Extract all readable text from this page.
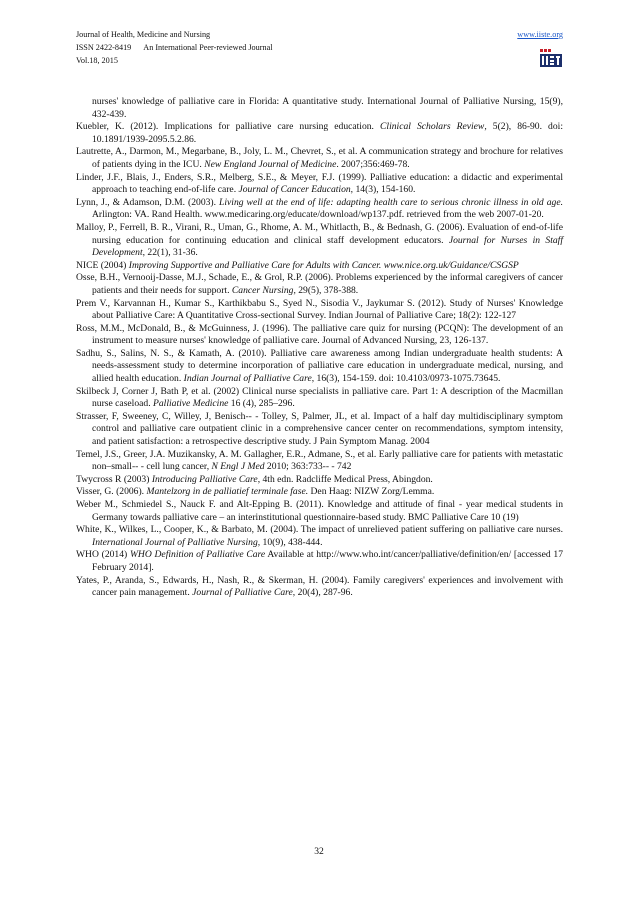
Journal of Health, Medicine and Nursing	www.iiste.org
ISSN 2422-8419 An International Peer-reviewed Journal
Vol.18, 2015

nurses' knowledge of palliative care in Florida: A quantitative study. International Journal of Palliative Nursing, 15(9), 432-439.

Kuebler, K. (2012). Implications for palliative care nursing education. Clinical Scholars Review, 5(2), 86-90. doi: 10.1891/1939-2095.5.2.86.

Lautrette, A., Darmon, M., Megarbane, B., Joly, L. M., Chevret, S., et al. A communication strategy and brochure for relatives of patients dying in the ICU. New England Journal of Medicine. 2007;356:469-78.

Linder, J.F., Blais, J., Enders, S.R., Melberg, S.E., & Meyer, F.J. (1999). Palliative education: a didactic and experimental approach to teaching end-of-life care. Journal of Cancer Education, 14(3), 154-160.

Lynn, J., & Adamson, D.M. (2003). Living well at the end of life: adapting health care to serious chronic illness in old age. Arlington: VA. Rand Health. www.medicaring.org/educate/download/wp137.pdf. retrieved from the web 2007-01-20.

Malloy, P., Ferrell, B. R., Virani, R., Uman, G., Rhome, A. M., Whitlacth, B., & Bednash, G. (2006). Evaluation of end-of-life nursing education for continuing education and clinical staff development educators. Journal for Nurses in Staff Development, 22(1), 31-36.

NICE (2004) Improving Supportive and Palliative Care for Adults with Cancer. www.nice.org.uk/Guidance/CSGSP

Osse, B.H., Vernooij-Dasse, M.J., Schade, E., & Grol, R.P. (2006). Problems experienced by the informal caregivers of cancer patients and their needs for support. Cancer Nursing, 29(5), 378-388.

Prem V., Karvannan H., Kumar S., Karthikbabu S., Syed N., Sisodia V., Jaykumar S. (2012). Study of Nurses' Knowledge about Palliative Care: A Quantitative Cross-sectional Survey. Indian Journal of Palliative Care; 18(2): 122-127

Ross, M.M., McDonald, B., & McGuinness, J. (1996). The palliative care quiz for nursing (PCQN): The development of an instrument to measure nurses' knowledge of palliative care. Journal of Advanced Nursing, 23, 126-137.

Sadhu, S., Salins, N. S., & Kamath, A. (2010). Palliative care awareness among Indian undergraduate health students: A needs-assessment study to determine incorporation of palliative care education in undergraduate medical, nursing, and allied health education. Indian Journal of Palliative Care, 16(3), 154-159. doi: 10.4103/0973-1075.73645.

Skilbeck J, Corner J, Bath P, et al. (2002) Clinical nurse specialists in palliative care. Part 1: A description of the Macmillan nurse caseload. Palliative Medicine 16 (4), 285–296.

Strasser, F, Sweeney, C, Willey, J, Benisch-- ‐ Tolley, S, Palmer, JL, et al. Impact of a half day multidisciplinary symptom control and palliative care outpatient clinic in a comprehensive cancer center on recommendations, symptom intensity, and patient satisfaction: a retrospective descriptive study. J Pain Symptom Manag. 2004

Temel, J.S., Greer, J.A. Muzikansky, A. M. Gallagher, E.R., Admane, S., et al. Early palliative care for patients with metastatic non–small-- ‐ cell lung cancer, N Engl J Med 2010; 363:733-- ‐ 742

Twycross R (2003) Introducing Palliative Care, 4th edn. Radcliffe Medical Press, Abingdon.

Visser, G. (2006). Mantelzorg in de palliatief terminale fase. Den Haag: NIZW Zorg/Lemma.

Weber M., Schmiedel S., Nauck F. and Alt-Epping B. (2011). Knowledge and attitude of final - year medical students in Germany towards palliative care – an interinstitutional questionnaire-based study. BMC Palliative Care 10 (19)

White, K., Wilkes, L., Cooper, K., & Barbato, M. (2004). The impact of unrelieved patient suffering on palliative care nurses. International Journal of Palliative Nursing, 10(9), 438-444.

WHO (2014) WHO Definition of Palliative Care Available at http://www.who.int/cancer/palliative/definition/en/ [accessed 17 February 2014].

Yates, P., Aranda, S., Edwards, H., Nash, R., & Skerman, H. (2004). Family caregivers' experiences and involvement with cancer pain management. Journal of Palliative Care, 20(4), 287-96.

32
